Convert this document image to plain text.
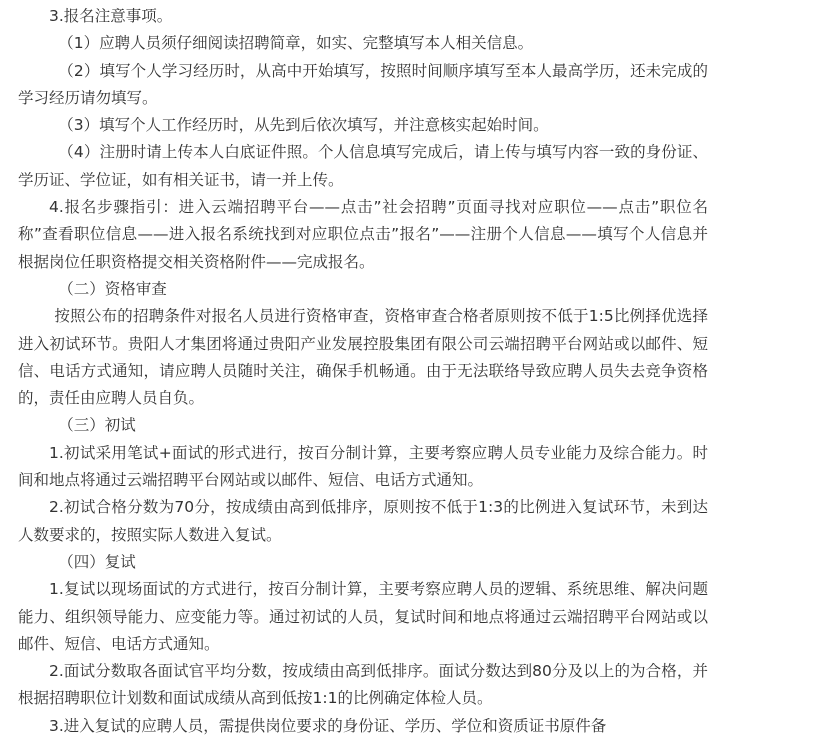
3.报名注意事项。

（1）应聘人员须仔细阅读招聘简章，如实、完整填写本人相关信息。

（2）填写个人学习经历时，从高中开始填写，按照时间顺序填写至本人最高学历，还未完成的学习经历请勿填写。

（3）填写个人工作经历时，从先到后依次填写，并注意核实起始时间。

（4）注册时请上传本人白底证件照。个人信息填写完成后，请上传与填写内容一致的身份证、学历证、学位证，如有相关证书，请一并上传。

4.报名步骤指引：进入云端招聘平台——点击”社会招聘”页面寻找对应职位——点击”职位名称”查看职位信息——进入报名系统找到对应职位点击”报名”——注册个人信息——填写个人信息并根据岗位任职资格提交相关资格附件——完成报名。

（二）资格审查

按照公布的招聘条件对报名人员进行资格审查，资格审查合格者原则按不低于1:5比例择优选择进入初试环节。贵阳人才集团将通过贵阳产业发展控股集团有限公司云端招聘平台网站或以邮件、短信、电话方式通知，请应聘人员随时关注，确保手机畅通。由于无法联络导致应聘人员失去竞争资格的，责任由应聘人员自负。

（三）初试

1.初试采用笔试+面试的形式进行，按百分制计算，主要考察应聘人员专业能力及综合能力。时间和地点将通过云端招聘平台网站或以邮件、短信、电话方式通知。

2.初试合格分数为70分，按成绩由高到低排序，原则按不低于1:3的比例进入复试环节，未到达人数要求的，按照实际人数进入复试。

（四）复试

1.复试以现场面试的方式进行，按百分制计算，主要考察应聘人员的逻辑、系统思维、解决问题能力、组织领导能力、应变能力等。通过初试的人员，复试时间和地点将通过云端招聘平台网站或以邮件、短信、电话方式通知。

2.面试分数取各面试官平均分数，按成绩由高到低排序。面试分数达到80分及以上的为合格，并根据招聘职位计划数和面试成绩从高到低按1:1的比例确定体检人员。

3.进入复试的应聘人员，需提供岗位要求的身份证、学历、学位和资质证书原件备
